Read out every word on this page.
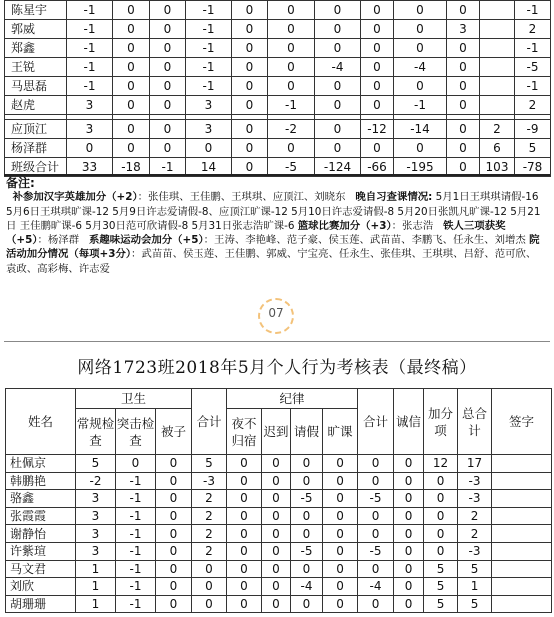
陈星宇	-1	0	0	-1	0	0	0	0	0	0		-1
郭威	-1	0	0	-1	0	0	0	0	0	3		2
郑鑫	-1	0	0	-1	0	0	0	0	0	0		-1
王锐	-1	0	0	-1	0	0	-4	0	-4	0		-5
马思磊	-1	0	0	-1	0	0	0	0	0	0		-1
赵虎	3	0	0	3	0	-1	0	0	-1	0		2

应顶江	3	0	0	3	0	-2	0	-12	-14	0	2	-9
杨泽群	0	0	0	0	0	0	0	0	0	0	6	5
班级合计	33	-18	-1	14	0	-5	-124	-66	-195	0	103	-78
备注:
补参加汉字英雄加分（+2）：张佳琪、王佳鹏、王琪琪、应顶江、刘晓东 晚自习查课情况: 5月1日王琪琪请假-16 5月6日王琪琪旷课-12 5月9日许志爱请假-8、应顶江旷课-12 5月10日许志爱请假-8 5月20日张凯凡旷课-12 5月21日 王佳鹏旷课-6 5月30日范可欣请假-8 5月31日张志浩旷课-6 篮球比赛加分（+3）：张志浩   铁人三项获奖（+5）：杨泽群   系趣味运动会加分（+5）：王涛、李艳峰、范子豪、侯玉莲、武苗苗、李鹏飞、任永生、刘增杰 院活动加分情况（每项+3分）：武苗苗、侯玉莲、王佳鹏、郭威、宁宝亮、任永生、张佳琪、王琪琪、吕舒、范可欣、袁政、高彩梅、许志爱
07
网络1723班2018年5月个人行为考核表（最终稿）
姓名	卫生			合计	纪律				合计	诚信	加分项	总合计	签字
	常规检查	突击检查	被子		夜不归宿	迟到	请假	旷课					
杜佩京	5	0	0	5	0	0	0	0	0	0	12	17	
韩鹏艳	-2	-1	0	-3	0	0	0	0	0	0	0	-3	
骆鑫	3	-1	0	2	0	0	-5	0	-5	0	0	-3	
张霞霞	3	-1	0	2	0	0	0	0	0	0	0	2	
谢静怡	3	-1	0	2	0	0	0	0	0	0	0	2	
许紫瑄	3	-1	0	2	0	0	-5	0	-5	0	0	-3	
马文君	1	-1	0	0	0	0	0	0	0	0	5	5	
刘欣	1	-1	0	0	0	0	-4	0	-4	0	5	1	
胡珊珊	1	-1	0	0	0	0	0	0	0	0	5	5	
